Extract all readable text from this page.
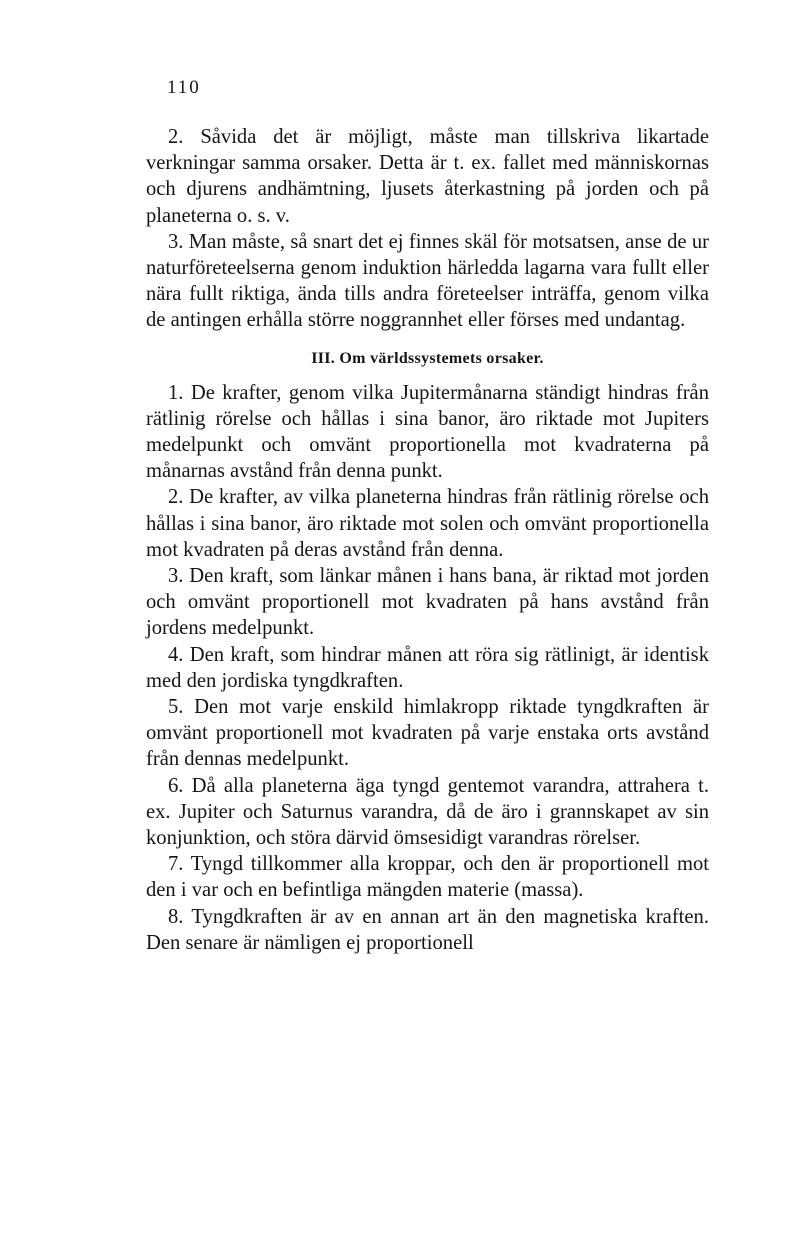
110

2. Såvida det är möjligt, måste man tillskriva likartade verkningar samma orsaker. Detta är t. ex. fallet med människornas och djurens andhämtning, ljusets återkastning på jorden och på planeterna o. s. v.

3. Man måste, så snart det ej finnes skäl för motsatsen, anse de ur naturföreteelserna genom induktion härledda lagarna vara fullt eller nära fullt riktiga, ända tills andra företeelser inträffa, genom vilka de antingen erhålla större noggrannhet eller förses med undantag.

III. Om världssystemets orsaker.

1. De krafter, genom vilka Jupitermånarna ständigt hindras från rätlinig rörelse och hållas i sina banor, äro riktade mot Jupiters medelpunkt och omvänt proportionella mot kvadraterna på månarnas avstånd från denna punkt.

2. De krafter, av vilka planeterna hindras från rätlinig rörelse och hållas i sina banor, äro riktade mot solen och omvänt proportionella mot kvadraten på deras avstånd från denna.

3. Den kraft, som länkar månen i hans bana, är riktad mot jorden och omvänt proportionell mot kvadraten på hans avstånd från jordens medelpunkt.

4. Den kraft, som hindrar månen att röra sig rätlinigt, är identisk med den jordiska tyngdkraften.

5. Den mot varje enskild himlakropp riktade tyngdkraften är omvänt proportionell mot kvadraten på varje enstaka orts avstånd från dennas medelpunkt.

6. Då alla planeterna äga tyngd gentemot varandra, attrahera t. ex. Jupiter och Saturnus varandra, då de äro i grannskapet av sin konjunktion, och störa därvid ömsesidigt varandras rörelser.

7. Tyngd tillkommer alla kroppar, och den är proportionell mot den i var och en befintliga mängden materie (massa).

8. Tyngdkraften är av en annan art än den magnetiska kraften. Den senare är nämligen ej proportionell
